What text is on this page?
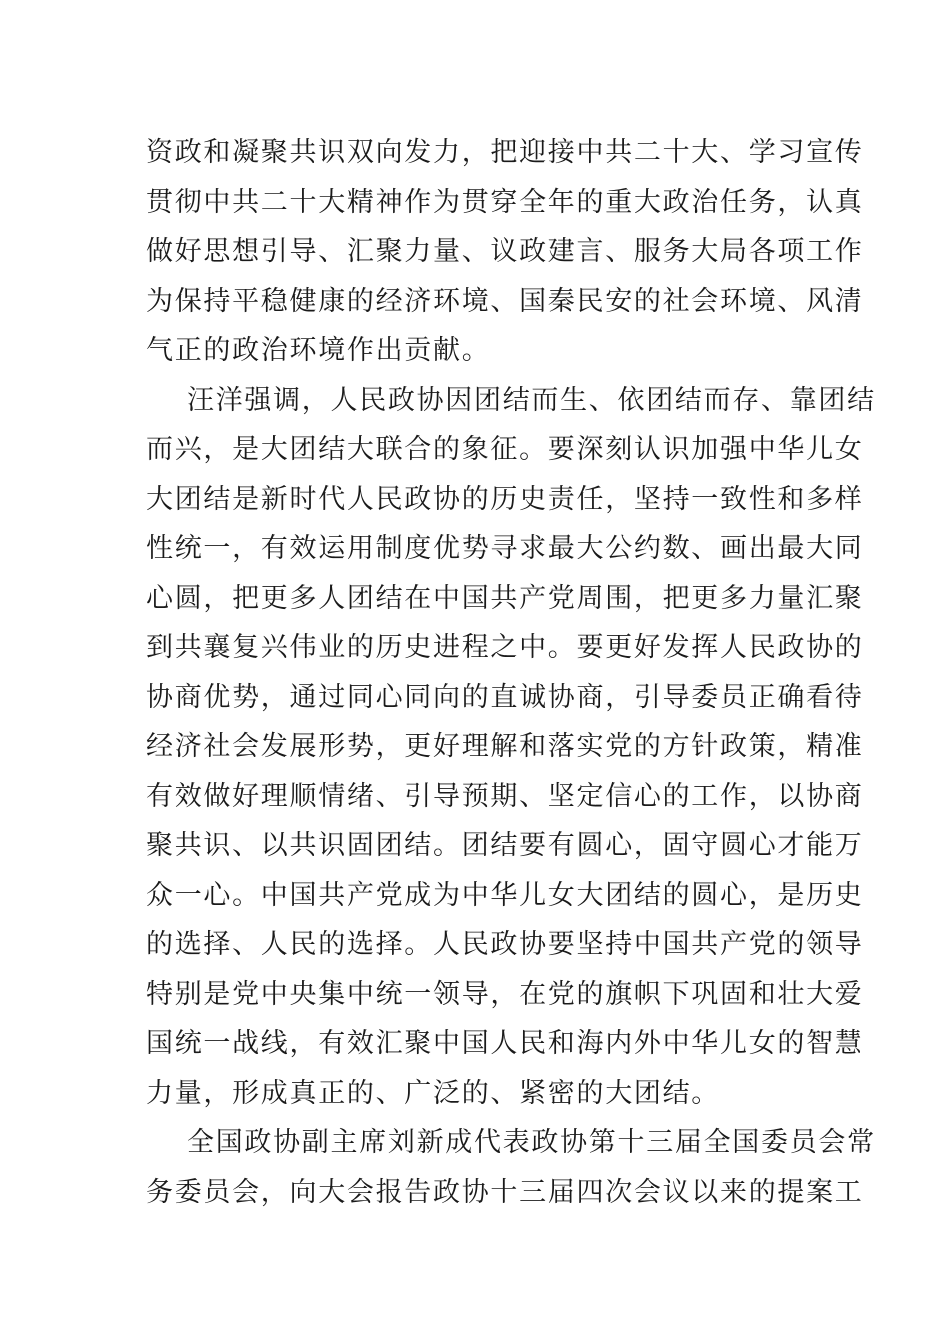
资政和凝聚共识双向发力，把迎接中共二十大、学习宣传
贯彻中共二十大精神作为贯穿全年的重大政治任务，认真
做好思想引导、汇聚力量、议政建言、服务大局各项工作
为保持平稳健康的经济环境、国秦民安的社会环境、风清
气正的政治环境作出贡献。
汪洋强调，人民政协因团结而生、依团结而存、靠团结
而兴，是大团结大联合的象征。要深刻认识加强中华儿女
大团结是新时代人民政协的历史责任，坚持一致性和多样
性统一，有效运用制度优势寻求最大公约数、画出最大同
心圆，把更多人团结在中国共产党周围，把更多力量汇聚
到共襄复兴伟业的历史进程之中。要更好发挥人民政协的
协商优势，通过同心同向的直诚协商，引导委员正确看待
经济社会发展形势，更好理解和落实党的方针政策，精准
有效做好理顺情绪、引导预期、坚定信心的工作，以协商
聚共识、以共识固团结。团结要有圆心，固守圆心才能万
众一心。中国共产党成为中华儿女大团结的圆心，是历史
的选择、人民的选择。人民政协要坚持中国共产党的领导
特别是党中央集中统一领导，在党的旗帜下巩固和壮大爱
国统一战线，有效汇聚中国人民和海内外中华儿女的智慧
力量，形成真正的、广泛的、紧密的大团结。
全国政协副主席刘新成代表政协第十三届全国委员会常
务委员会，向大会报告政协十三届四次会议以来的提案工
